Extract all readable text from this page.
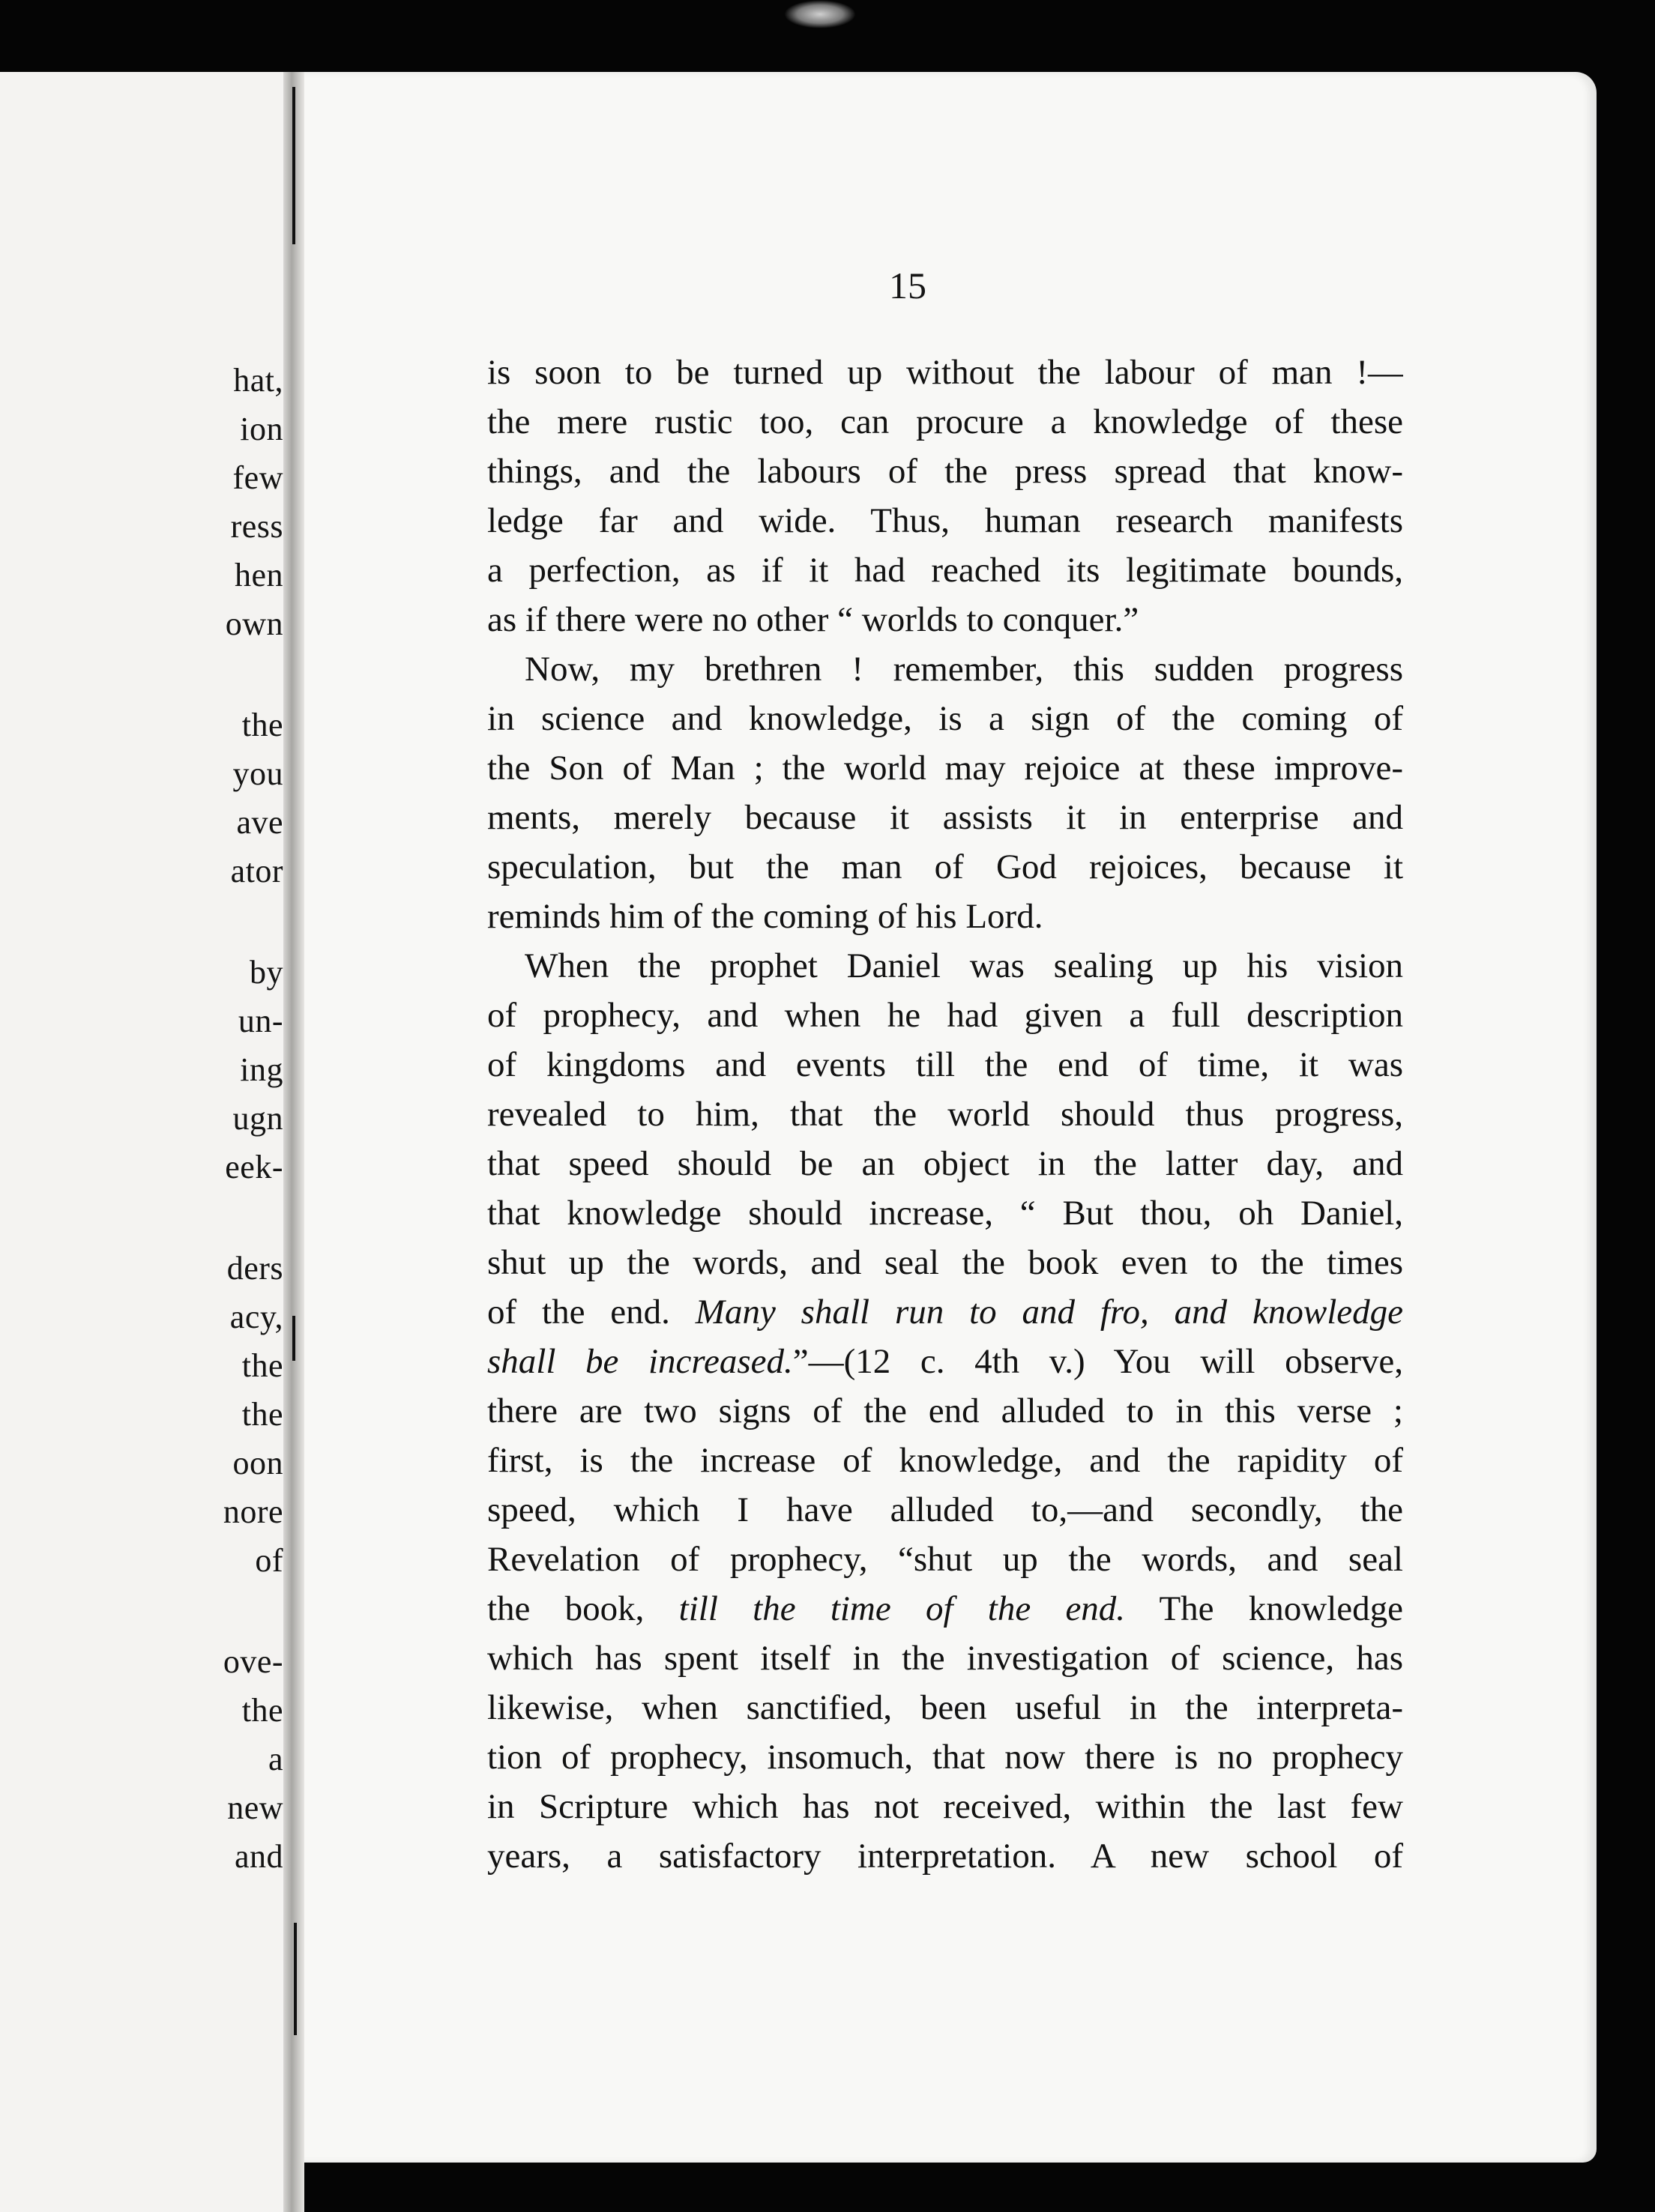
hat,
ion
few
ress
hen
own
the
you
ave
ator
by
un-
ing
ugn
eek-
ders
acy,
the
the
oon
nore
of
ove-
the
a
new
and
15
is soon to be turned up without the labour of man !—
the mere rustic too, can procure a knowledge of these
things, and the labours of the press spread that know-
ledge far and wide. Thus, human research manifests
a perfection, as if it had reached its legitimate bounds,
as if there were no other “ worlds to conquer.”
Now, my brethren ! remember, this sudden progress
in science and knowledge, is a sign of the coming of
the Son of Man ; the world may rejoice at these improve-
ments, merely because it assists it in enterprise and
speculation, but the man of God rejoices, because it
reminds him of the coming of his Lord.
When the prophet Daniel was sealing up his vision
of prophecy, and when he had given a full description
of kingdoms and events till the end of time, it was
revealed to him, that the world should thus progress,
that speed should be an object in the latter day, and
that knowledge should increase, “ But thou, oh Daniel,
shut up the words, and seal the book even to the times
of the end. Many shall run to and fro, and knowledge
shall be increased.”—(12 c. 4th v.) You will observe,
there are two signs of the end alluded to in this verse ;
first, is the increase of knowledge, and the rapidity of
speed, which I have alluded to,—and secondly, the
Revelation of prophecy, “shut up the words, and seal
the book, till the time of the end. The knowledge
which has spent itself in the investigation of science, has
likewise, when sanctified, been useful in the interpreta-
tion of prophecy, insomuch, that now there is no prophecy
in Scripture which has not received, within the last few
years, a satisfactory interpretation. A new school of
